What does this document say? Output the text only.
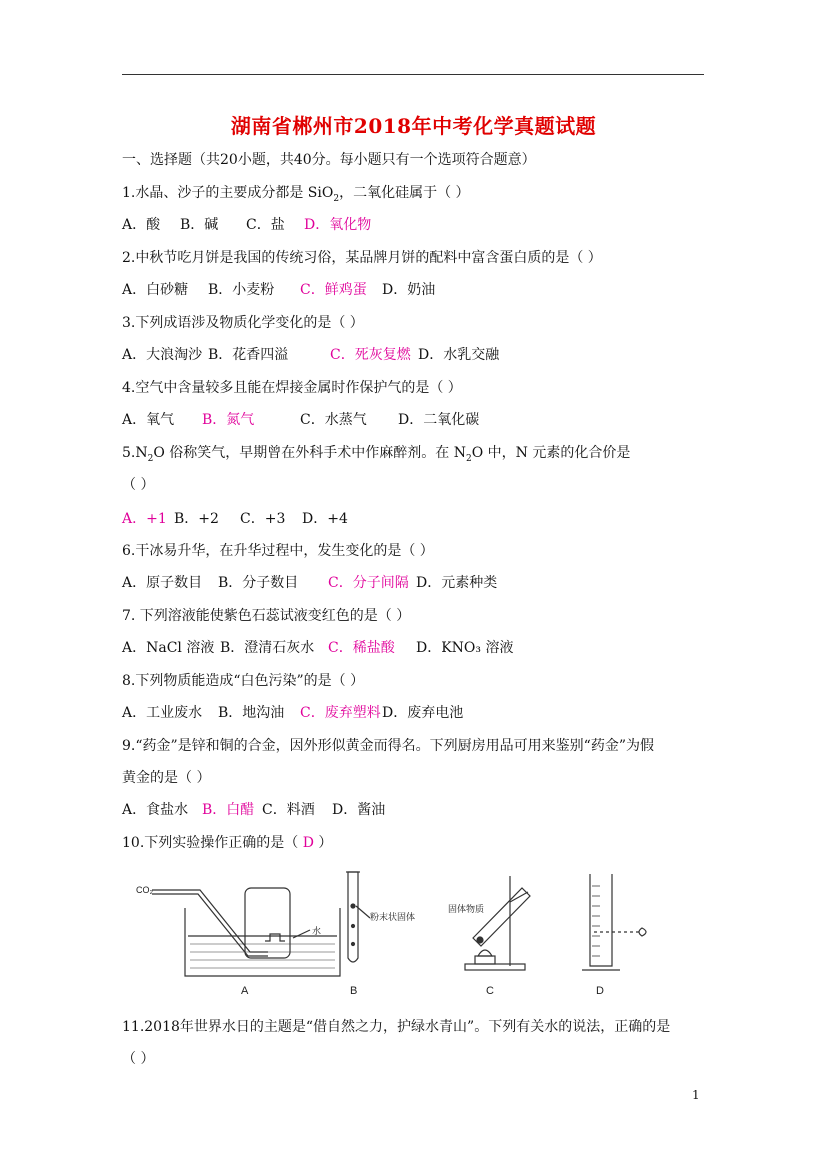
湖南省郴州市2018年中考化学真题试题
一、选择题（共20小题，共40分。每小题只有一个选项符合题意）
1.水晶、沙子的主要成分都是 SiO$_2$，二氧化硅属于（ ）
A．酸 B．碱 C．盐 D．氧化物
2.中秋节吃月饼是我国的传统习俗，某品牌月饼的配料中富含蛋白质的是（ ）
A．白砂糖 B．小麦粉 C．鲜鸡蛋 D．奶油
3.下列成语涉及物质化学变化的是（ ）
A．大浪淘沙 B．花香四溢	C．死灰复燃 D．水乳交融
4.空气中含量较多且能在焊接金属时作保护气的是（ ）
A．氧气 B．氮气	C．水蒸气 D．二氧化碳
$5.N_2O$ 俗称笑气，早期曾在外科手术中作麻醉剂。在 $N_2O$ 中，N 元素的化合价是
（ ）
A．+1 B．+2 C．+3 D．+4
6.干冰易升华，在升华过程中，发生变化的是（ ）
A．原子数目 B．分子数目 C．分子间隔 D．元素种类
7. 下列溶液能使紫色石蕊试液变红色的是（ ）
A．NaCl 溶液 B．澄清石灰水 C．稀盐酸 D．KNO₃ 溶液
8.下列物质能造成“白色污染”的是（ ）
A．工业废水 B．地沟油 C．废弃塑料D．废弃电池
9.“药金”是锌和铜的合金，因外形似黄金而得名。下列厨房用品可用来鉴别“药金”为假
黄金的是（ ）
A．食盐水 B．白醋 C．料酒 D．酱油
10.下列实验操作正确的是（ D ）
CO₂
水
粉末状固体
固体物质
A	B	C	D
11.2018年世界水日的主题是“借自然之力，护绿水青山”。下列有关水的说法，正确的是
（ ）
1
